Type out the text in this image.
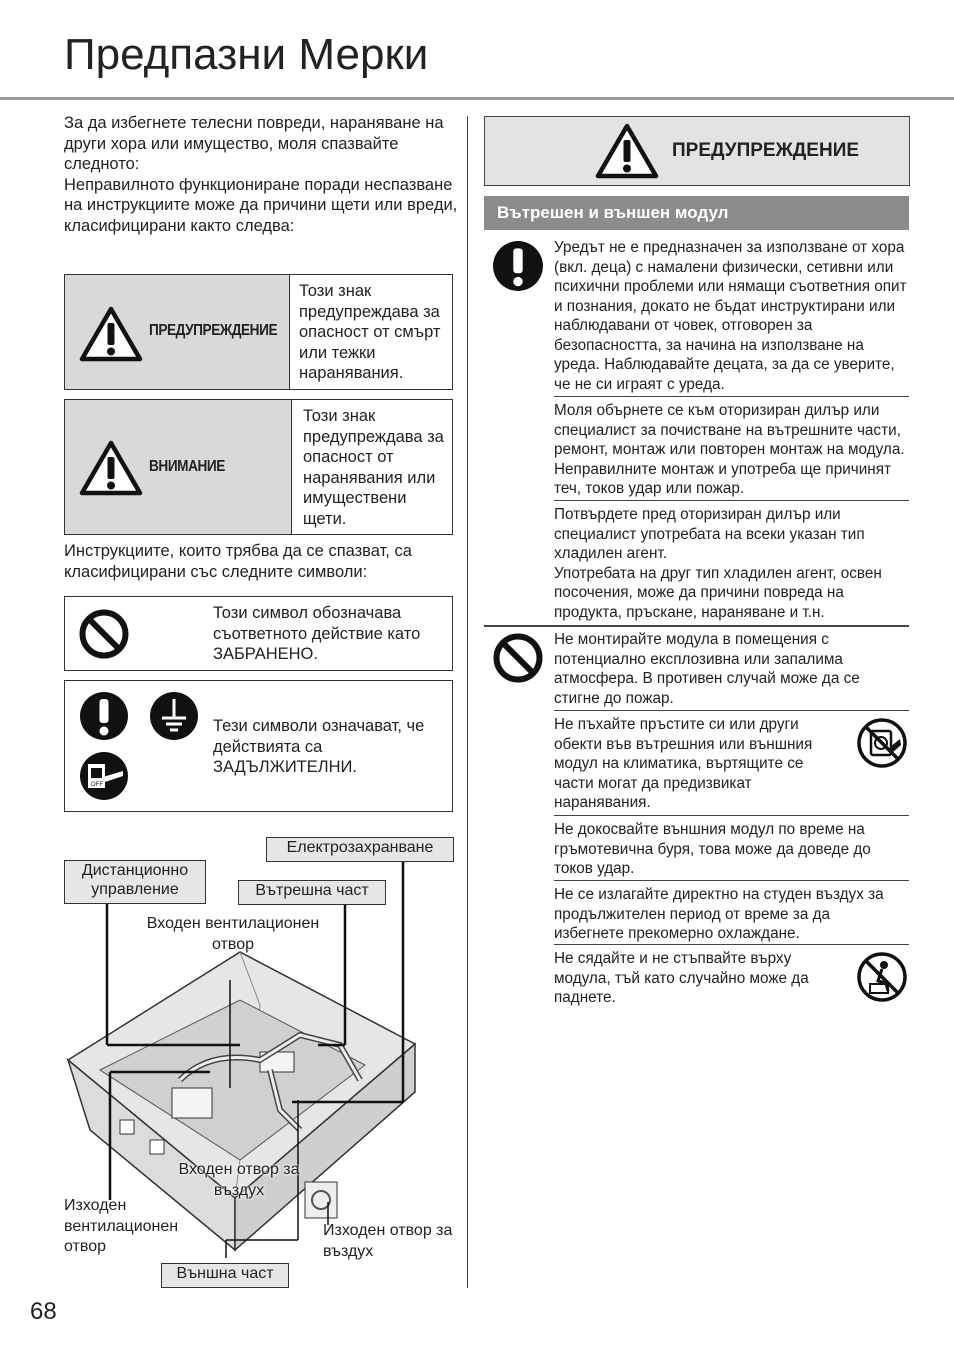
Предпазни Мерки
За да избегнете телесни повреди, нараняване на други хора или имущество, моля спазвайте следното:
Неправилното функциониране поради неспазване на инструкциите може да причини щети или вреди, класифицирани както следва:
ПРЕДУПРЕЖДЕНИЕ
Този знак предупреждава за опасност от смърт или тежки наранявания.
ВНИМАНИЕ
Този знак предупреждава за опасност от наранявания или имуществени щети.
Инструкциите, които трябва да се спазват, са класифицирани със следните символи:
Този символ обозначава съответното действие като ЗАБРАНЕНО.
OFF
Тези символи означават, че действията са ЗАДЪЛЖИТЕЛНИ.
Електрозахранване
Дистанционно управление	Вътрешна част
Входен вентилационен отвор
Входен отвор за въздух
Изходен вентилационен отвор
Изходен отвор за въздух
Външна част
68
ПРЕДУПРЕЖДЕНИЕ
Вътрешен и външен модул
Уредът не е предназначен за използване от хора (вкл. деца) с намалени физически, сетивни или психични проблеми или нямащи съответния опит и познания, докато не бъдат инструктирани или наблюдавани от човек, отговорен за безопасността, за начина на използване на уреда. Наблюдавайте децата, за да се уверите, че не си играят с уреда.
Моля обърнете се към оторизиран дилър или специалист за почистване на вътрешните части, ремонт, монтаж или повторен монтаж на модула. Неправилните монтаж и употреба ще причинят теч, токов удар или пожар.
Потвърдете пред оторизиран дилър или специалист употребата на всеки указан тип хладилен агент.
Употребата на друг тип хладилен агент, освен посочения, може да причини повреда на продукта, пръскане, нараняване и т.н.
Не монтирайте модула в помещения с потенциално експлозивна или запалима атмосфера. В противен случай може да се стигне до пожар.
Не пъхайте пръстите си или други обекти във вътрешния или външния модул на климатика, въртящите се части могат да предизвикат наранявания.
Не докосвайте външния модул по време на гръмотевична буря, това може да доведе до токов удар.
Не се излагайте директно на студен въздух за продължителен период от време за да избегнете прекомерно охлаждане.
Не сядайте и не стъпвайте върху модула, тъй като случайно може да паднете.
